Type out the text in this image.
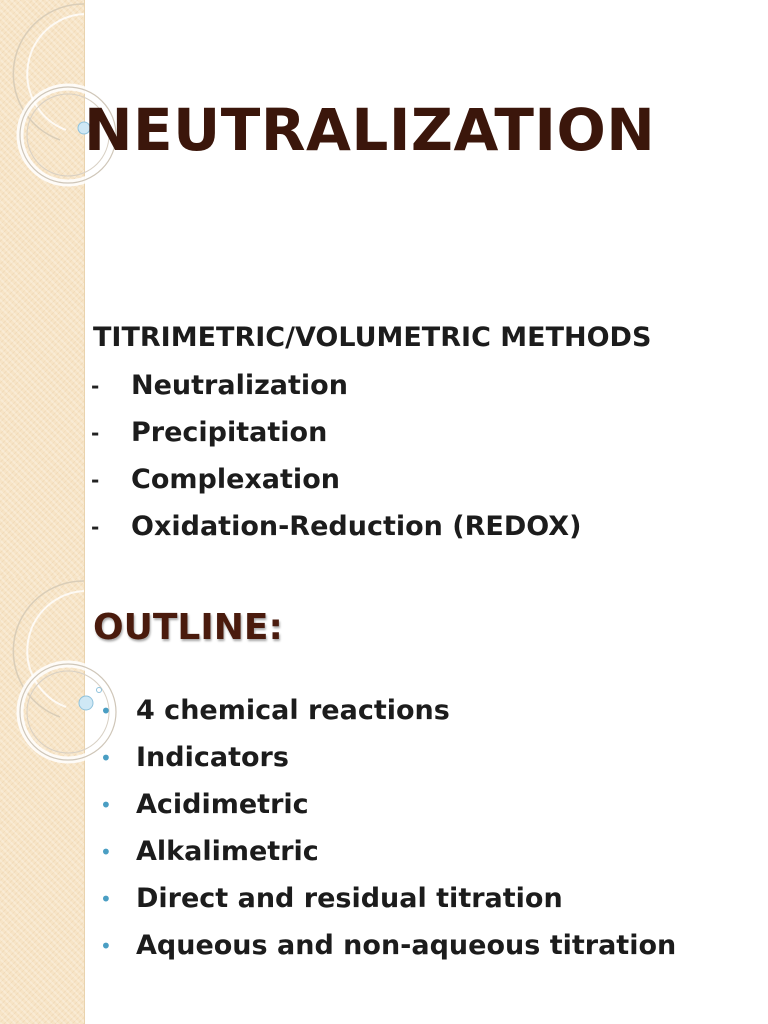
NEUTRALIZATION
TITRIMETRIC/VOLUMETRIC METHODS
- Neutralization
- Precipitation
- Complexation
- Oxidation-Reduction (REDOX)
OUTLINE:
• 4 chemical reactions
• Indicators
• Acidimetric
• Alkalimetric
• Direct and residual titration
• Aqueous and non-aqueous titration
